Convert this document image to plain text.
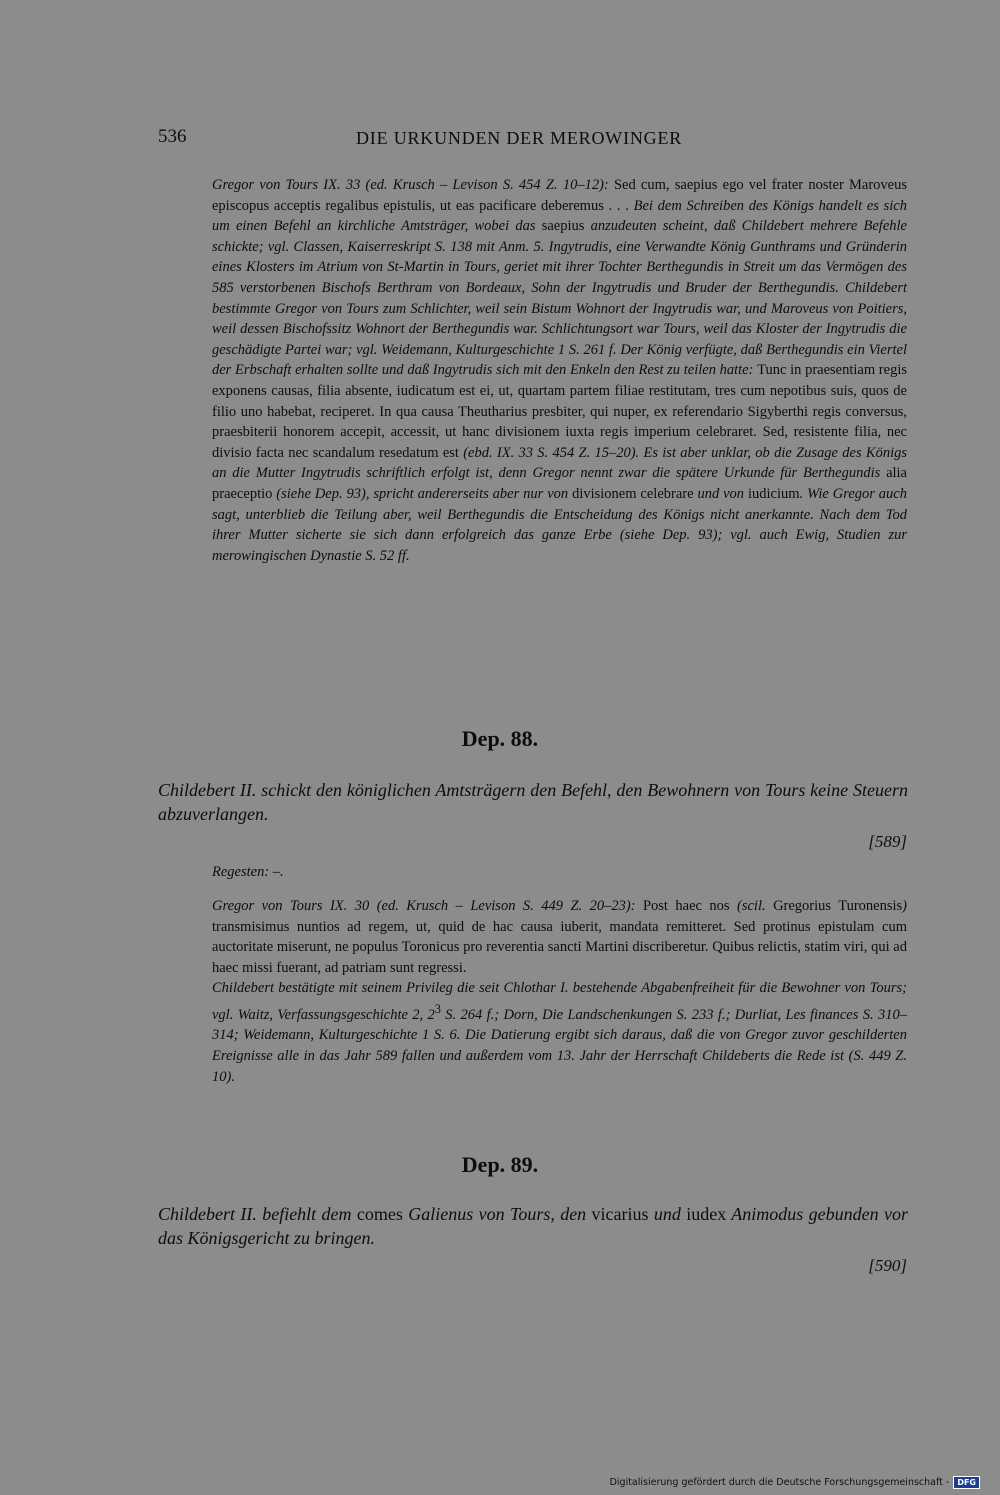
536	DIE URKUNDEN DER MEROWINGER

Gregor von Tours IX. 33 (ed. Krusch – Levison S. 454 Z. 10–12): Sed cum, saepius ego vel frater noster Maroveus episcopus acceptis regalibus epistulis, ut eas pacificare deberemus . . . Bei dem Schreiben des Königs handelt es sich um einen Befehl an kirchliche Amtsträger, wobei das saepius anzudeuten scheint, daß Childebert mehrere Befehle schickte; vgl. Classen, Kaiserreskript S. 138 mit Anm. 5. Ingytrudis, eine Verwandte König Gunthrams und Gründerin eines Klosters im Atrium von St-Martin in Tours, geriet mit ihrer Tochter Berthegundis in Streit um das Vermögen des 585 verstorbenen Bischofs Berthram von Bordeaux, Sohn der Ingytrudis und Bruder der Berthegundis. Childebert bestimmte Gregor von Tours zum Schlichter, weil sein Bistum Wohnort der Ingytrudis war, und Maroveus von Poitiers, weil dessen Bischofssitz Wohnort der Berthegundis war. Schlichtungsort war Tours, weil das Kloster der Ingytrudis die geschädigte Partei war; vgl. Weidemann, Kulturgeschichte 1 S. 261 f. Der König verfügte, daß Berthegundis ein Viertel der Erbschaft erhalten sollte und daß Ingytrudis sich mit den Enkeln den Rest zu teilen hatte: Tunc in praesentiam regis exponens causas, filia absente, iudicatum est ei, ut, quartam partem filiae restitutam, tres cum nepotibus suis, quos de filio uno habebat, reciperet. In qua causa Theutharius presbiter, qui nuper, ex referendario Sigyberthi regis conversus, praesbiterii honorem accepit, accessit, ut hanc divisionem iuxta regis imperium celebraret. Sed, resistente filia, nec divisio facta nec scandalum resedatum est (ebd. IX. 33 S. 454 Z. 15–20). Es ist aber unklar, ob die Zusage des Königs an die Mutter Ingytrudis schriftlich erfolgt ist, denn Gregor nennt zwar die spätere Urkunde für Berthegundis alia praeceptio (siehe Dep. 93), spricht andererseits aber nur von divisionem celebrare und von iudicium. Wie Gregor auch sagt, unterblieb die Teilung aber, weil Berthegundis die Entscheidung des Königs nicht anerkannte. Nach dem Tod ihrer Mutter sicherte sie sich dann erfolgreich das ganze Erbe (siehe Dep. 93); vgl. auch Ewig, Studien zur merowingischen Dynastie S. 52 ff.

Dep. 88.
Childebert II. schickt den königlichen Amtsträgern den Befehl, den Bewohnern von Tours keine Steuern abzuverlangen.
[589]
Regesten: –.

Gregor von Tours IX. 30 (ed. Krusch – Levison S. 449 Z. 20–23): Post haec nos (scil. Gregorius Turonensis) transmisimus nuntios ad regem, ut, quid de hac causa iuberit, mandata remitteret. Sed protinus epistulam cum auctoritate miserunt, ne populus Toronicus pro reverentia sancti Martini discriberetur. Quibus relictis, statim viri, qui ad haec missi fuerant, ad patriam sunt regressi.
Childebert bestätigte mit seinem Privileg die seit Chlothar I. bestehende Abgabenfreiheit für die Bewohner von Tours; vgl. Waitz, Verfassungsgeschichte 2, $2^3$ S. 264 f.; Dorn, Die Landschenkungen S. 233 f.; Durliat, Les finances S. 310–314; Weidemann, Kulturgeschichte 1 S. 6. Die Datierung ergibt sich daraus, daß die von Gregor zuvor geschilderten Ereignisse alle in das Jahr 589 fallen und außerdem vom 13. Jahr der Herrschaft Childeberts die Rede ist (S. 449 Z. 10).

Dep. 89.
Childebert II. befiehlt dem comes Galienus von Tours, den vicarius und iudex Animodus gebunden vor das Königsgericht zu bringen.
[590]
Digitalisierung gefördert durch die Deutsche Forschungsgemeinschaft -	DFG
